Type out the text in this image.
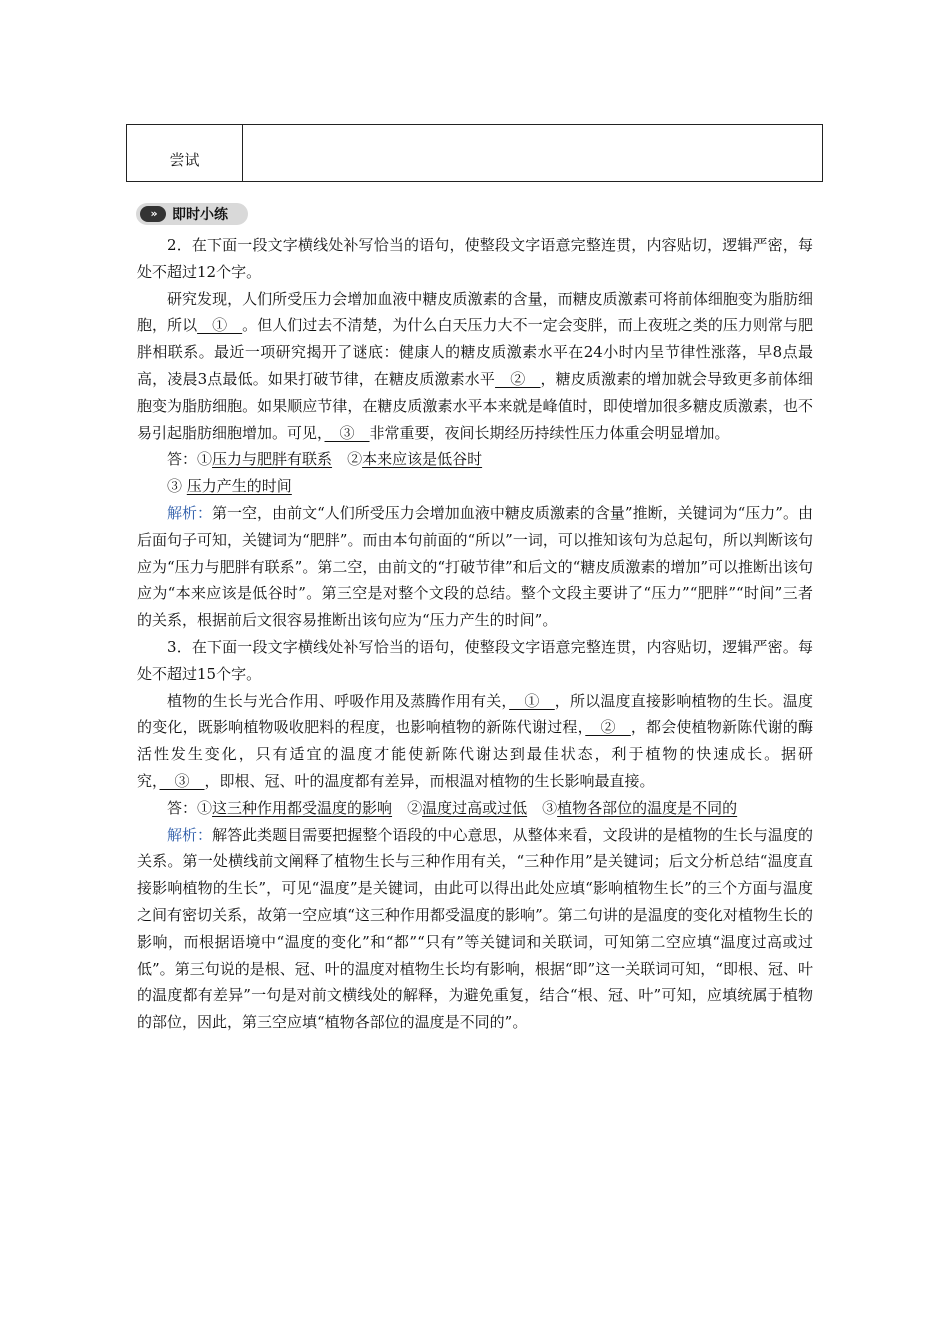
尝试
»	即时小练

2．在下面一段文字横线处补写恰当的语句，使整段文字语意完整连贯，内容贴切，逻辑严密，每处不超过12个字。

研究发现，人们所受压力会增加血液中糖皮质激素的含量，而糖皮质激素可将前体细胞变为脂肪细胞，所以　①　。但人们过去不清楚，为什么白天压力大不一定会变胖，而上夜班之类的压力则常与肥胖相联系。最近一项研究揭开了谜底：健康人的糖皮质激素水平在24小时内呈节律性涨落，早8点最高，凌晨3点最低。如果打破节律，在糖皮质激素水平　②　，糖皮质激素的增加就会导致更多前体细胞变为脂肪细胞。如果顺应节律，在糖皮质激素水平本来就是峰值时，即使增加很多糖皮质激素，也不易引起脂肪细胞增加。可见，　③　非常重要，夜间长期经历持续性压力体重会明显增加。

答：①压力与肥胖有联系　 ②本来应该是低谷时

③ 压力产生的时间

解析：第一空，由前文“人们所受压力会增加血液中糖皮质激素的含量”推断，关键词为“压力”。由后面句子可知，关键词为“肥胖”。而由本句前面的“所以”一词，可以推知该句为总起句，所以判断该句应为“压力与肥胖有联系”。第二空，由前文的“打破节律”和后文的“糖皮质激素的增加”可以推断出该句应为“本来应该是低谷时”。第三空是对整个文段的总结。整个文段主要讲了“压力”“肥胖”“时间”三者的关系，根据前后文很容易推断出该句应为“压力产生的时间”。

3．在下面一段文字横线处补写恰当的语句，使整段文字语意完整连贯，内容贴切，逻辑严密。每处不超过15个字。

植物的生长与光合作用、呼吸作用及蒸腾作用有关，　①　，所以温度直接影响植物的生长。温度的变化，既影响植物吸收肥料的程度，也影响植物的新陈代谢过程，　②　，都会使植物新陈代谢的酶活性发生变化，只有适宜的温度才能使新陈代谢达到最佳状态，利于植物的快速成长。据研究，　③　，即根、冠、叶的温度都有差异，而根温对植物的生长影响最直接。

答：①这三种作用都受温度的影响　 ②温度过高或过低　 ③植物各部位的温度是不同的

解析：解答此类题目需要把握整个语段的中心意思，从整体来看，文段讲的是植物的生长与温度的关系。第一处横线前文阐释了植物生长与三种作用有关，“三种作用”是关键词；后文分析总结“温度直接影响植物的生长”，可见“温度”是关键词，由此可以得出此处应填“影响植物生长”的三个方面与温度之间有密切关系，故第一空应填“这三种作用都受温度的影响”。第二句讲的是温度的变化对植物生长的影响，而根据语境中“温度的变化”和“都”“只有”等关键词和关联词，可知第二空应填“温度过高或过低”。第三句说的是根、冠、叶的温度对植物生长均有影响，根据“即”这一关联词可知，“即根、冠、叶的温度都有差异”一句是对前文横线处的解释，为避免重复，结合“根、冠、叶”可知，应填统属于植物的部位，因此，第三空应填“植物各部位的温度是不同的”。
